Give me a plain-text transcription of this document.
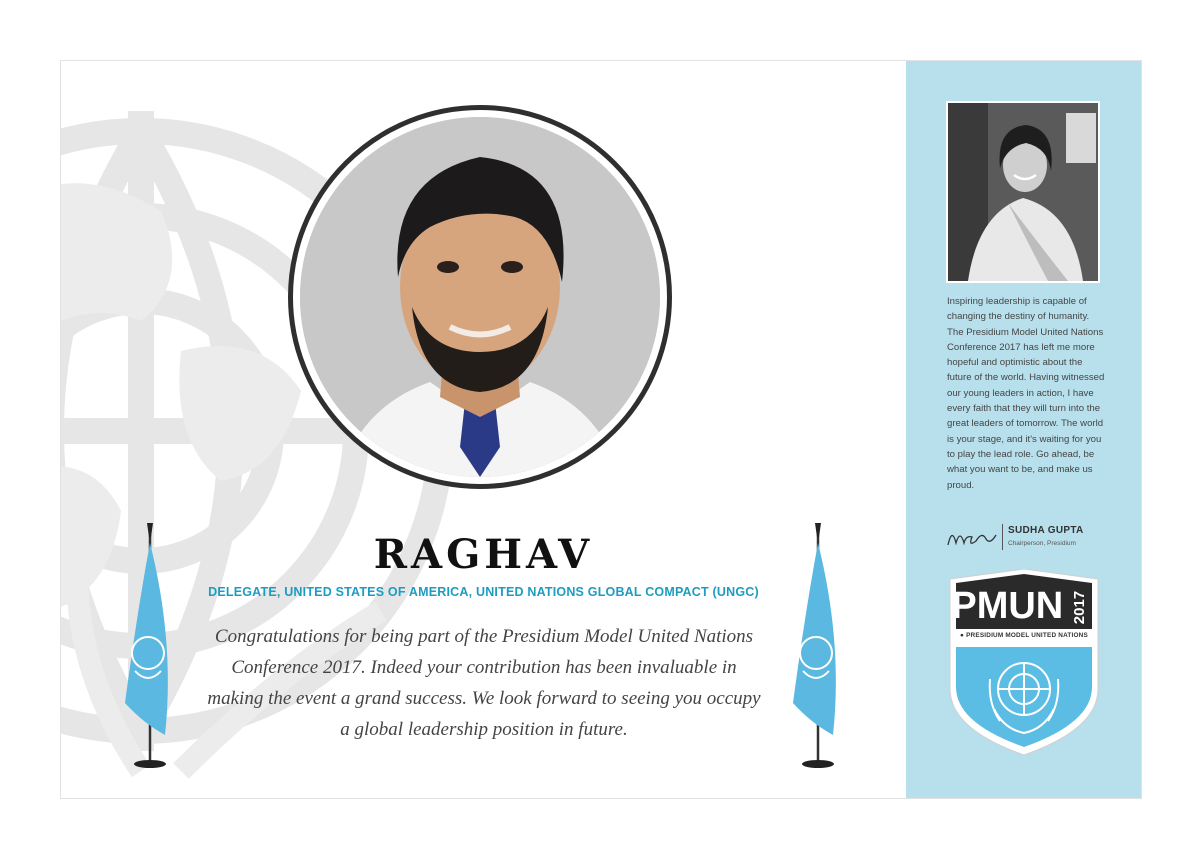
RAGHAV
DELEGATE, UNITED STATES OF AMERICA, UNITED NATIONS GLOBAL COMPACT (UNGC)
Congratulations for being part of the Presidium Model United Nations Conference 2017. Indeed your contribution has been invaluable in making the event a grand success. We look forward to seeing you occupy a global leadership position in future.
Inspiring leadership is capable of changing the destiny of humanity. The Presidium Model United Nations Conference 2017 has left me more hopeful and optimistic about the future of the world. Having witnessed our young leaders in action, I have every faith that they will turn into the great leaders of tomorrow. The world is your stage, and it's waiting for you to play the lead role. Go ahead, be what you want to be, and make us proud.
SUDHA GUPTA
Chairperson, Presidium
PMUN 2017
● PRESIDIUM MODEL UNITED NATIONS
